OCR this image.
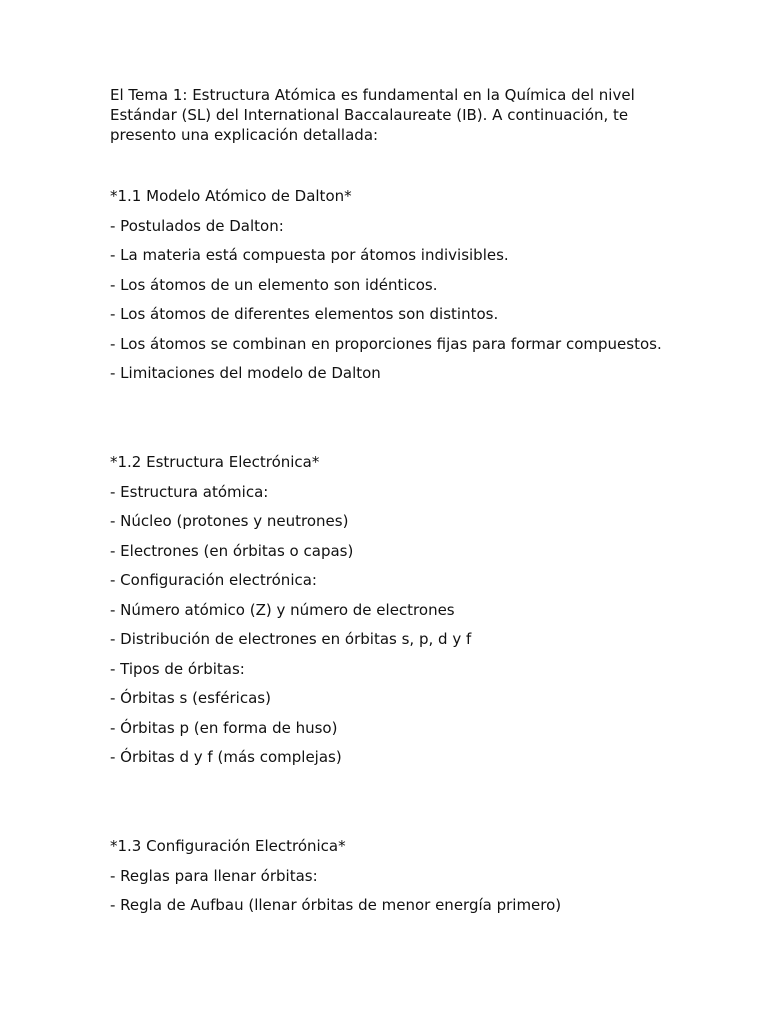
El Tema 1: Estructura Atómica es fundamental en la Química del nivel Estándar (SL) del International Baccalaureate (IB). A continuación, te presento una explicación detallada:

*1.1 Modelo Atómico de Dalton*

- Postulados de Dalton:

- La materia está compuesta por átomos indivisibles.

- Los átomos de un elemento son idénticos.

- Los átomos de diferentes elementos son distintos.

- Los átomos se combinan en proporciones fijas para formar compuestos.

- Limitaciones del modelo de Dalton

*1.2 Estructura Electrónica*

- Estructura atómica:

- Núcleo (protones y neutrones)

- Electrones (en órbitas o capas)

- Configuración electrónica:

- Número atómico (Z) y número de electrones

- Distribución de electrones en órbitas s, p, d y f

- Tipos de órbitas:

- Órbitas s (esféricas)

- Órbitas p (en forma de huso)

- Órbitas d y f (más complejas)

*1.3 Configuración Electrónica*

- Reglas para llenar órbitas:

- Regla de Aufbau (llenar órbitas de menor energía primero)
